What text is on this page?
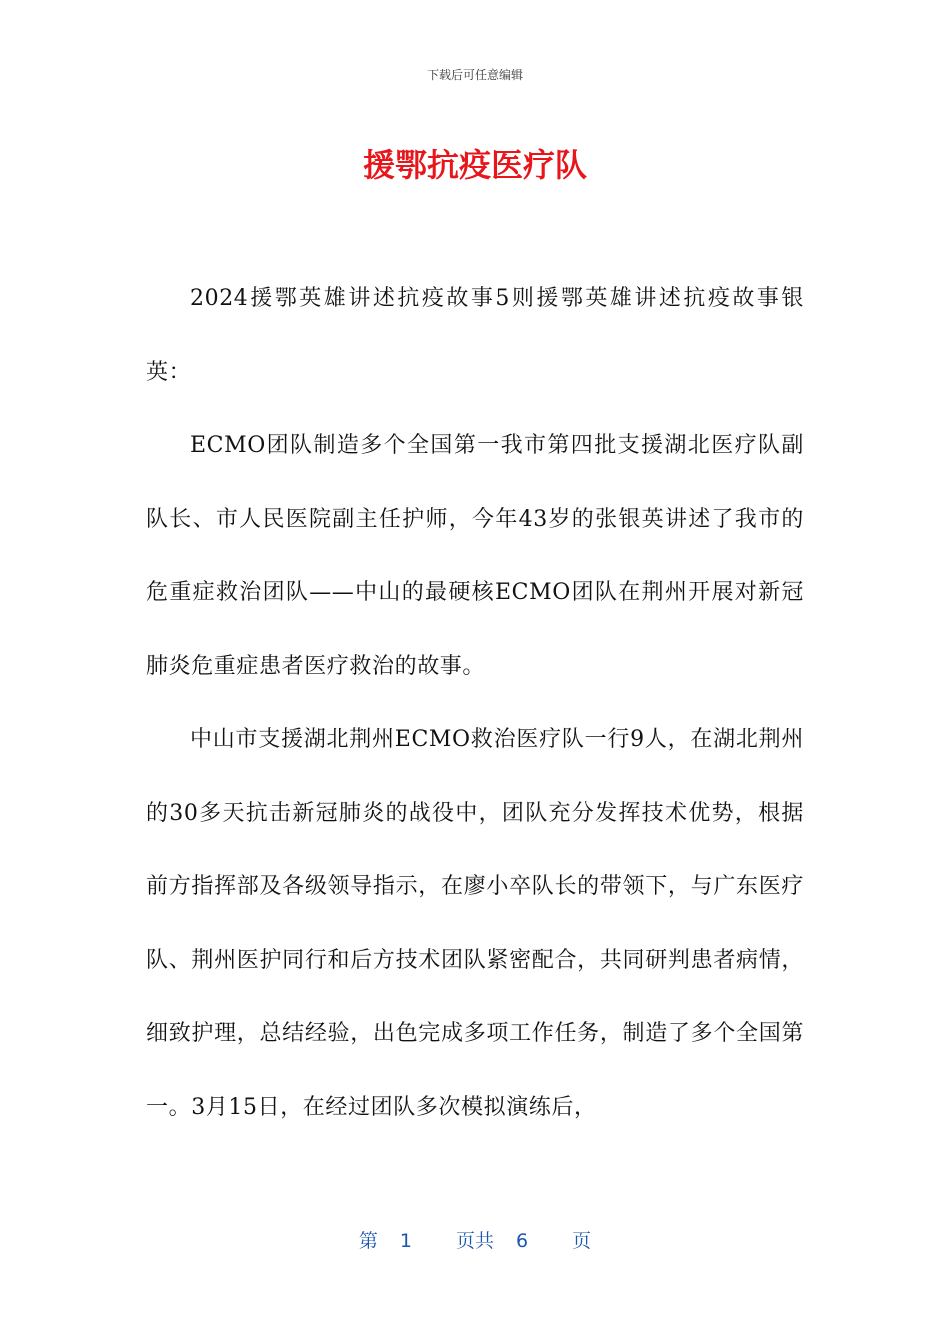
下载后可任意编辑
援鄂抗疫医疗队

2024援鄂英雄讲述抗疫故事5则援鄂英雄讲述抗疫故事银英：

ECMO团队制造多个全国第一我市第四批支援湖北医疗队副队长、市人民医院副主任护师，今年43岁的张银英讲述了我市的危重症救治团队——中山的最硬核ECMO团队在荆州开展对新冠肺炎危重症患者医疗救治的故事。

中山市支援湖北荆州ECMO救治医疗队一行9人，在湖北荆州的30多天抗击新冠肺炎的战役中，团队充分发挥技术优势，根据前方指挥部及各级领导指示，在廖小卒队长的带领下，与广东医疗队、荆州医护同行和后方技术团队紧密配合，共同研判患者病情，细致护理，总结经验，出色完成多项工作任务，制造了多个全国第一。3月15日，在经过团队多次模拟演练后，

第 1 页共 6 页
